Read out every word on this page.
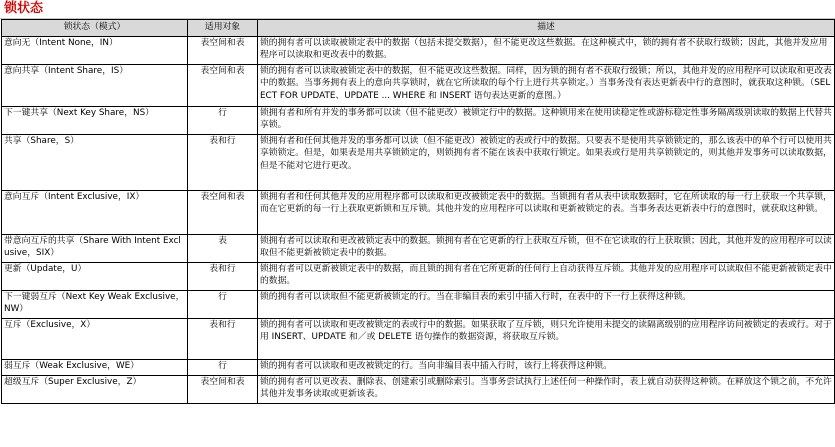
锁状态
锁状态（模式）	适用对象	描述
意向无（Intent None，IN）	表空间和表	锁的拥有者可以读取被锁定表中的数据（包括未提交数据），但不能更改这些数据。在这种模式中，锁的拥有者不获取行级锁；因此，其他并发应用程序可以读取和更改表中的数据。
意向共享（Intent Share，IS）	表空间和表	锁的拥有者可以读取被锁定表中的数据，但不能更改这些数据。同样，因为锁的拥有者不获取行级锁；所以，其他并发的应用程序可以读取和更改表中的数据。当事务拥有表上的意向共享锁时，就在它所读取的每个行上进行共享锁定。）当事务没有表达更新表中行的意图时，就获取这种锁。（SELECT FOR UPDATE、UPDATE ... WHERE 和 INSERT 语句表达更新的意图。）
下一键共享（Next Key Share，NS）	行	锁拥有者和所有并发的事务都可以读（但不能更改）被锁定行中的数据。这种锁用来在使用读稳定性或游标稳定性事务隔离级别读取的数据上代替共享锁。
共享（Share，S）	表和行	锁拥有者和任何其他并发的事务都可以读（但不能更改）被锁定的表或行中的数据。只要表不是使用共享锁锁定的，那么该表中的单个行可以使用共享锁锁定。但是，如果表是用共享锁锁定的，则锁拥有者不能在该表中获取行锁定。如果表或行是用共享锁锁定的，则其他并发事务可以读取数据，但是不能对它进行更改。
意向互斥（Intent Exclusive，IX）	表空间和表	锁拥有者和任何其他并发的应用程序都可以读取和更改被锁定表中的数据。当锁拥有者从表中读取数据时，它在所读取的每一行上获取一个共享锁，而在它更新的每一行上获取更新锁和互斥锁。其他并发的应用程序可以读取和更新被锁定的表。当事务表达更新表中行的意图时，就获取这种锁。
带意向互斥的共享（Share With Intent Exclusive，SIX）	表	锁拥有者可以读取和更改被锁定表中的数据。锁拥有者在它更新的行上获取互斥锁，但不在它读取的行上获取锁；因此，其他并发的应用程序可以读取但不能更新被锁定表中的数据。
更新（Update，U）	表和行	锁拥有者可以更新被锁定表中的数据，而且锁的拥有者在它所更新的任何行上自动获得互斥锁。其他并发的应用程序可以读取但不能更新被锁定表中的数据。
下一键弱互斥（Next Key Weak Exclusive，NW）	行	锁的拥有者可以读取但不能更新被锁定的行。当在非编目表的索引中插入行时，在表中的下一行上获得这种锁。
互斥（Exclusive，X）	表和行	锁的拥有者可以读取和更改被锁定的表或行中的数据。如果获取了互斥锁，则只允许使用未提交的读隔离级别的应用程序访问被锁定的表或行。对于用 INSERT、UPDATE 和／或 DELETE 语句操作的数据资源，将获取互斥锁。
弱互斥（Weak Exclusive，WE）	行	锁的拥有者可以读取和更改被锁定的行。当向非编目表中插入行时，该行上将获得这种锁。
超级互斥（Super Exclusive，Z）	表空间和表	锁的拥有者可以更改表、删除表、创建索引或删除索引。当事务尝试执行上述任何一种操作时，表上就自动获得这种锁。在释放这个锁之前，不允许其他并发事务读取或更新该表。
